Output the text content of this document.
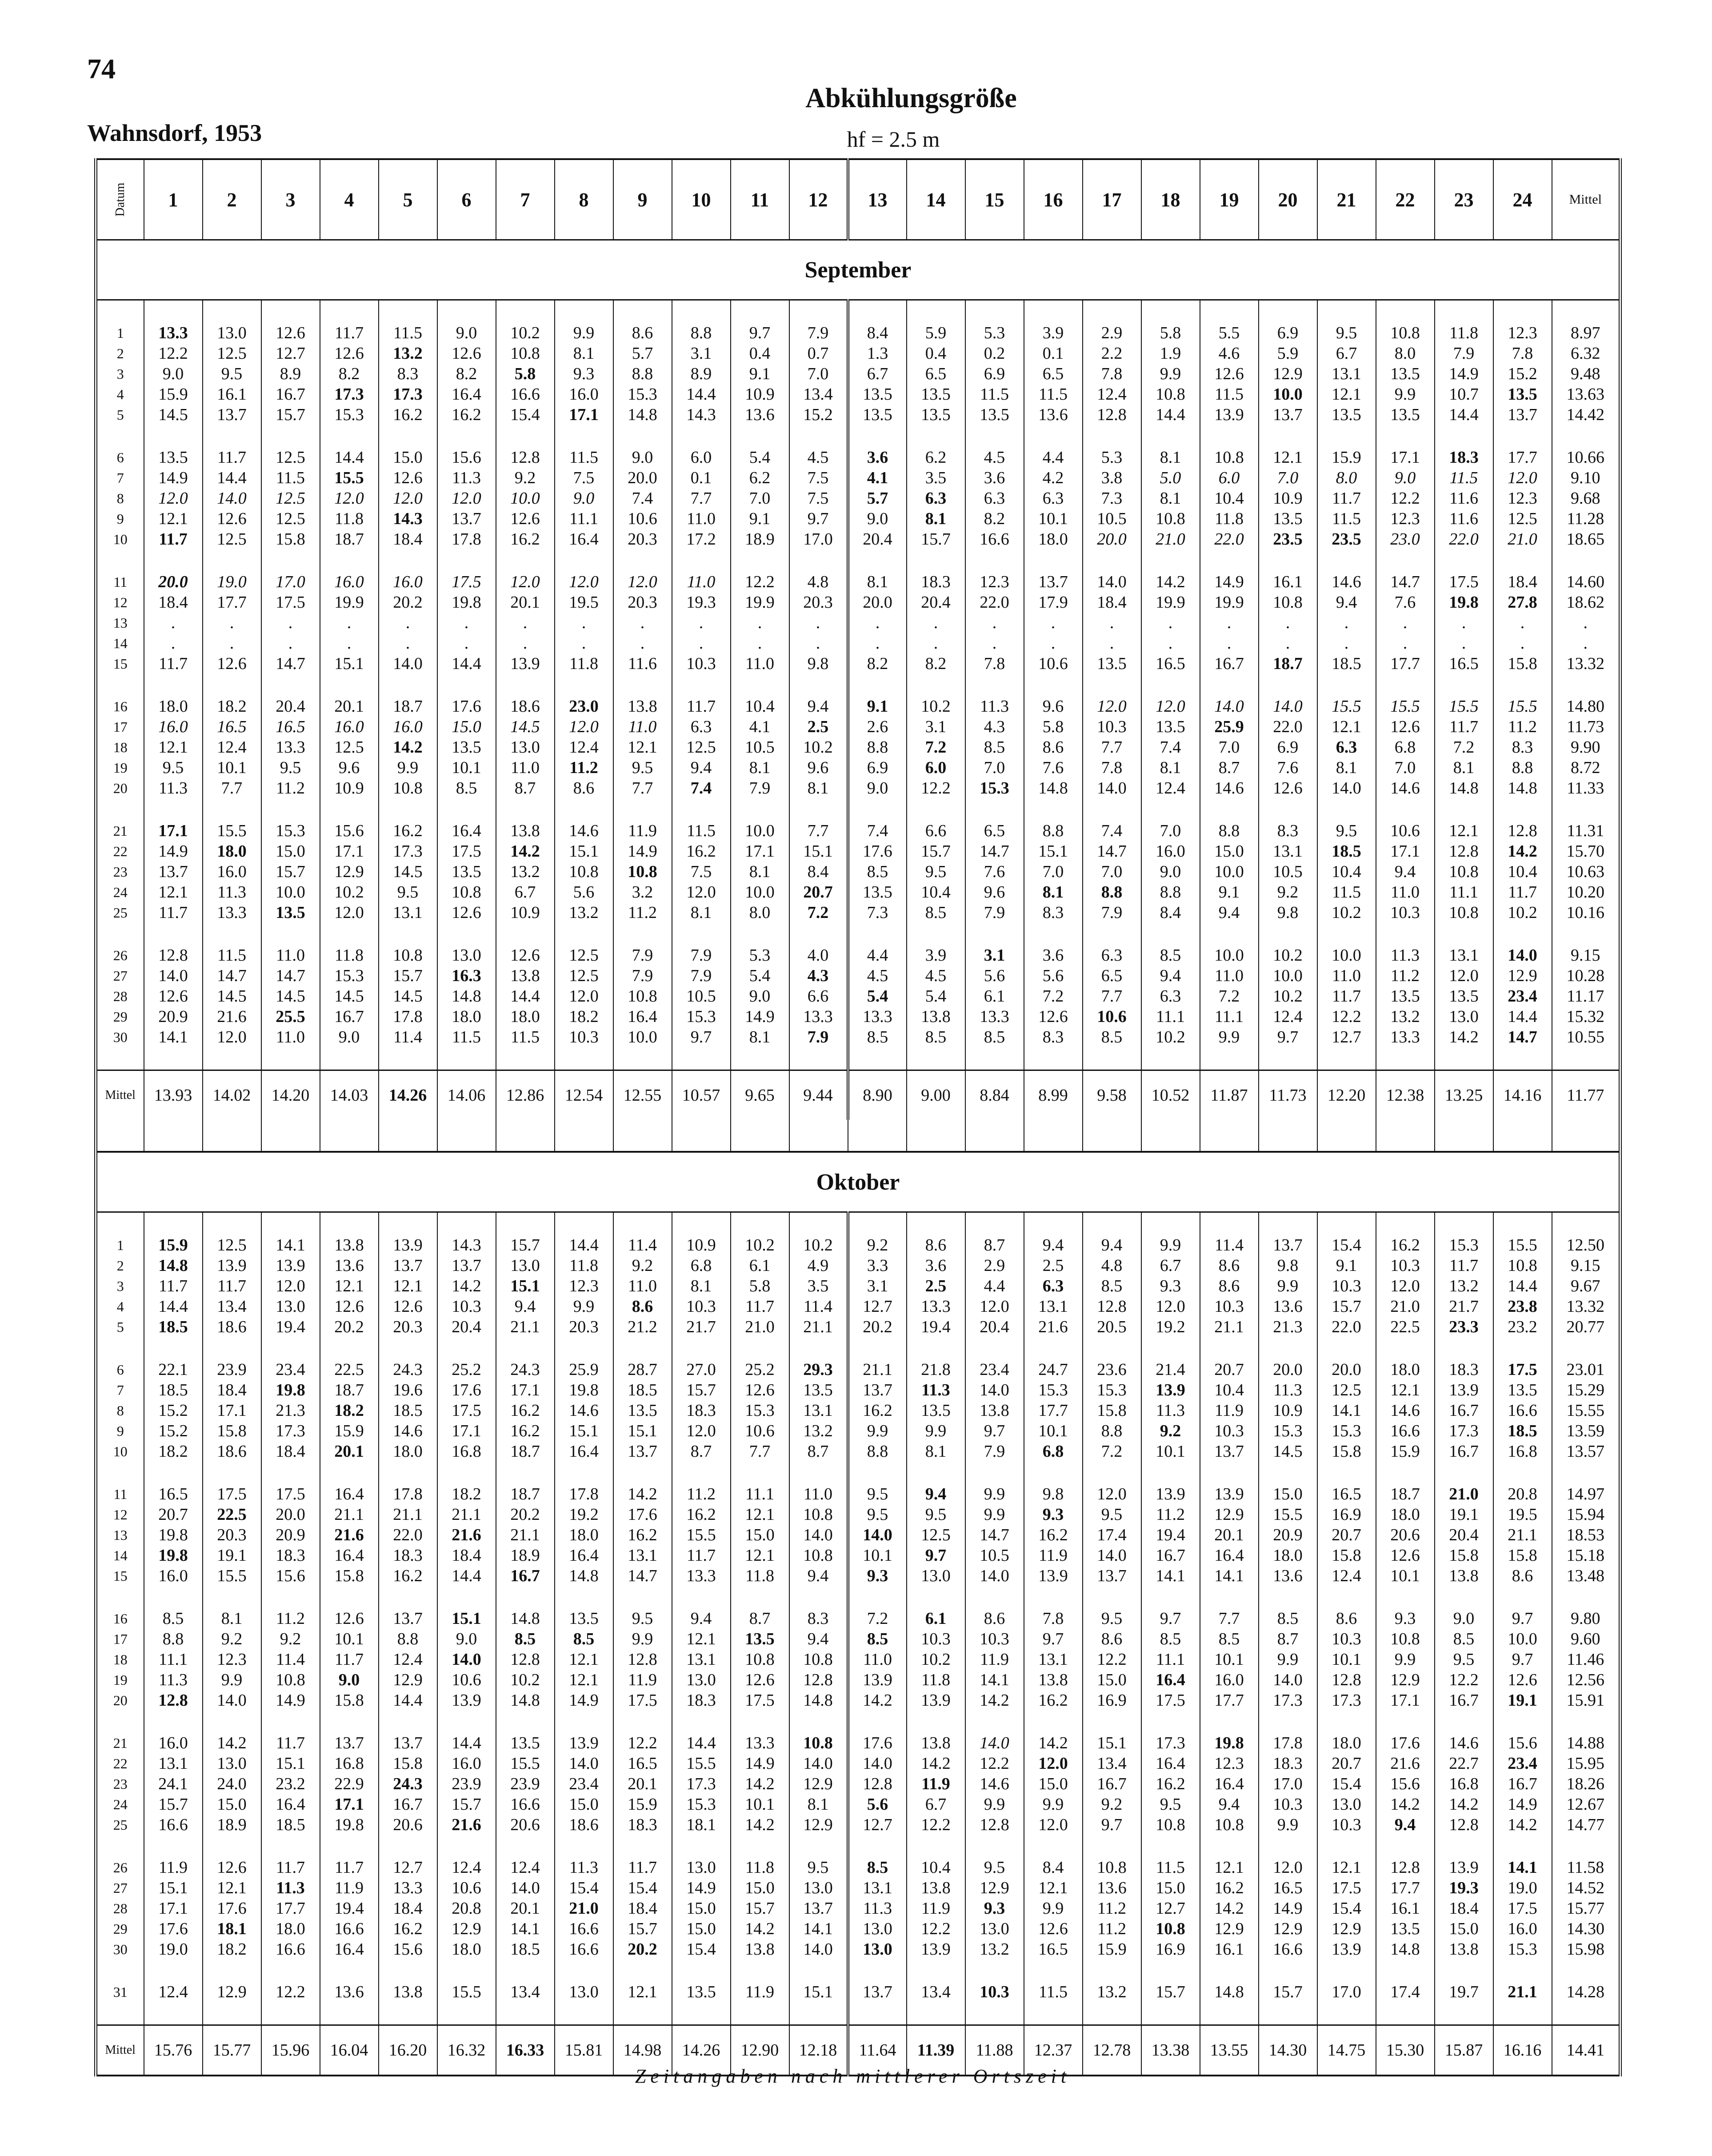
74
Abkühlungsgröße
Wahnsdorf, 1953	hf = 2.5 m
Datum	1	2	3	4	5	6	7	8	9	10	11	12	13	14	15	16	17	18	19	20	21	22	23	24	Mittel
September																									

1	13.3	13.0	12.6	11.7	11.5	9.0	10.2	9.9	8.6	8.8	9.7	7.9	8.4	5.9	5.3	3.9	2.9	5.8	5.5	6.9	9.5	10.8	11.8	12.3	8.97
2	12.2	12.5	12.7	12.6	13.2	12.6	10.8	8.1	5.7	3.1	0.4	0.7	1.3	0.4	0.2	0.1	2.2	1.9	4.6	5.9	6.7	8.0	7.9	7.8	6.32
3	9.0	9.5	8.9	8.2	8.3	8.2	5.8	9.3	8.8	8.9	9.1	7.0	6.7	6.5	6.9	6.5	7.8	9.9	12.6	12.9	13.1	13.5	14.9	15.2	9.48
4	15.9	16.1	16.7	17.3	17.3	16.4	16.6	16.0	15.3	14.4	10.9	13.4	13.5	13.5	11.5	11.5	12.4	10.8	11.5	10.0	12.1	9.9	10.7	13.5	13.63
5	14.5	13.7	15.7	15.3	16.2	16.2	15.4	17.1	14.8	14.3	13.6	15.2	13.5	13.5	13.5	13.6	12.8	14.4	13.9	13.7	13.5	13.5	14.4	13.7	14.42

6	13.5	11.7	12.5	14.4	15.0	15.6	12.8	11.5	9.0	6.0	5.4	4.5	3.6	6.2	4.5	4.4	5.3	8.1	10.8	12.1	15.9	17.1	18.3	17.7	10.66
7	14.9	14.4	11.5	15.5	12.6	11.3	9.2	7.5	20.0	0.1	6.2	7.5	4.1	3.5	3.6	4.2	3.8	5.0	6.0	7.0	8.0	9.0	11.5	12.0	9.10
8	12.0	14.0	12.5	12.0	12.0	12.0	10.0	9.0	7.4	7.7	7.0	7.5	5.7	6.3	6.3	6.3	7.3	8.1	10.4	10.9	11.7	12.2	11.6	12.3	9.68
9	12.1	12.6	12.5	11.8	14.3	13.7	12.6	11.1	10.6	11.0	9.1	9.7	9.0	8.1	8.2	10.1	10.5	10.8	11.8	13.5	11.5	12.3	11.6	12.5	11.28
10	11.7	12.5	15.8	18.7	18.4	17.8	16.2	16.4	20.3	17.2	18.9	17.0	20.4	15.7	16.6	18.0	20.0	21.0	22.0	23.5	23.5	23.0	22.0	21.0	18.65

11	20.0	19.0	17.0	16.0	16.0	17.5	12.0	12.0	12.0	11.0	12.2	4.8	8.1	18.3	12.3	13.7	14.0	14.2	14.9	16.1	14.6	14.7	17.5	18.4	14.60
12	18.4	17.7	17.5	19.9	20.2	19.8	20.1	19.5	20.3	19.3	19.9	20.3	20.0	20.4	22.0	17.9	18.4	19.9	19.9	10.8	9.4	7.6	19.8	27.8	18.62
13	.	.	.	.	.	.	.	.	.	.	.	.	.	.	.	.	.	.	.	.	.	.	.	.	.
14	.	.	.	.	.	.	.	.	.	.	.	.	.	.	.	.	.	.	.	.	.	.	.	.	.
15	11.7	12.6	14.7	15.1	14.0	14.4	13.9	11.8	11.6	10.3	11.0	9.8	8.2	8.2	7.8	10.6	13.5	16.5	16.7	18.7	18.5	17.7	16.5	15.8	13.32

16	18.0	18.2	20.4	20.1	18.7	17.6	18.6	23.0	13.8	11.7	10.4	9.4	9.1	10.2	11.3	9.6	12.0	12.0	14.0	14.0	15.5	15.5	15.5	15.5	14.80
17	16.0	16.5	16.5	16.0	16.0	15.0	14.5	12.0	11.0	6.3	4.1	2.5	2.6	3.1	4.3	5.8	10.3	13.5	25.9	22.0	12.1	12.6	11.7	11.2	11.73
18	12.1	12.4	13.3	12.5	14.2	13.5	13.0	12.4	12.1	12.5	10.5	10.2	8.8	7.2	8.5	8.6	7.7	7.4	7.0	6.9	6.3	6.8	7.2	8.3	9.90
19	9.5	10.1	9.5	9.6	9.9	10.1	11.0	11.2	9.5	9.4	8.1	9.6	6.9	6.0	7.0	7.6	7.8	8.1	8.7	7.6	8.1	7.0	8.1	8.8	8.72
20	11.3	7.7	11.2	10.9	10.8	8.5	8.7	8.6	7.7	7.4	7.9	8.1	9.0	12.2	15.3	14.8	14.0	12.4	14.6	12.6	14.0	14.6	14.8	14.8	11.33

21	17.1	15.5	15.3	15.6	16.2	16.4	13.8	14.6	11.9	11.5	10.0	7.7	7.4	6.6	6.5	8.8	7.4	7.0	8.8	8.3	9.5	10.6	12.1	12.8	11.31
22	14.9	18.0	15.0	17.1	17.3	17.5	14.2	15.1	14.9	16.2	17.1	15.1	17.6	15.7	14.7	15.1	14.7	16.0	15.0	13.1	18.5	17.1	12.8	14.2	15.70
23	13.7	16.0	15.7	12.9	14.5	13.5	13.2	10.8	10.8	7.5	8.1	8.4	8.5	9.5	7.6	7.0	7.0	9.0	10.0	10.5	10.4	9.4	10.8	10.4	10.63
24	12.1	11.3	10.0	10.2	9.5	10.8	6.7	5.6	3.2	12.0	10.0	20.7	13.5	10.4	9.6	8.1	8.8	8.8	9.1	9.2	11.5	11.0	11.1	11.7	10.20
25	11.7	13.3	13.5	12.0	13.1	12.6	10.9	13.2	11.2	8.1	8.0	7.2	7.3	8.5	7.9	8.3	7.9	8.4	9.4	9.8	10.2	10.3	10.8	10.2	10.16

26	12.8	11.5	11.0	11.8	10.8	13.0	12.6	12.5	7.9	7.9	5.3	4.0	4.4	3.9	3.1	3.6	6.3	8.5	10.0	10.2	10.0	11.3	13.1	14.0	9.15
27	14.0	14.7	14.7	15.3	15.7	16.3	13.8	12.5	7.9	7.9	5.4	4.3	4.5	4.5	5.6	5.6	6.5	9.4	11.0	10.0	11.0	11.2	12.0	12.9	10.28
28	12.6	14.5	14.5	14.5	14.5	14.8	14.4	12.0	10.8	10.5	9.0	6.6	5.4	5.4	6.1	7.2	7.7	6.3	7.2	10.2	11.7	13.5	13.5	23.4	11.17
29	20.9	21.6	25.5	16.7	17.8	18.0	18.0	18.2	16.4	15.3	14.9	13.3	13.3	13.8	13.3	12.6	10.6	11.1	11.1	12.4	12.2	13.2	13.0	14.4	15.32
30	14.1	12.0	11.0	9.0	11.4	11.5	11.5	10.3	10.0	9.7	8.1	7.9	8.5	8.5	8.5	8.3	8.5	10.2	9.9	9.7	12.7	13.3	14.2	14.7	10.55

Mittel	13.93	14.02	14.20	14.03	14.26	14.06	12.86	12.54	12.55	10.57	9.65	9.44	8.90	9.00	8.84	8.99	9.58	10.52	11.87	11.73	12.20	12.38	13.25	14.16	11.77

Oktober																									

1	15.9	12.5	14.1	13.8	13.9	14.3	15.7	14.4	11.4	10.9	10.2	10.2	9.2	8.6	8.7	9.4	9.4	9.9	11.4	13.7	15.4	16.2	15.3	15.5	12.50
2	14.8	13.9	13.9	13.6	13.7	13.7	13.0	11.8	9.2	6.8	6.1	4.9	3.3	3.6	2.9	2.5	4.8	6.7	8.6	9.8	9.1	10.3	11.7	10.8	9.15
3	11.7	11.7	12.0	12.1	12.1	14.2	15.1	12.3	11.0	8.1	5.8	3.5	3.1	2.5	4.4	6.3	8.5	9.3	8.6	9.9	10.3	12.0	13.2	14.4	9.67
4	14.4	13.4	13.0	12.6	12.6	10.3	9.4	9.9	8.6	10.3	11.7	11.4	12.7	13.3	12.0	13.1	12.8	12.0	10.3	13.6	15.7	21.0	21.7	23.8	13.32
5	18.5	18.6	19.4	20.2	20.3	20.4	21.1	20.3	21.2	21.7	21.0	21.1	20.2	19.4	20.4	21.6	20.5	19.2	21.1	21.3	22.0	22.5	23.3	23.2	20.77

6	22.1	23.9	23.4	22.5	24.3	25.2	24.3	25.9	28.7	27.0	25.2	29.3	21.1	21.8	23.4	24.7	23.6	21.4	20.7	20.0	20.0	18.0	18.3	17.5	23.01
7	18.5	18.4	19.8	18.7	19.6	17.6	17.1	19.8	18.5	15.7	12.6	13.5	13.7	11.3	14.0	15.3	15.3	13.9	10.4	11.3	12.5	12.1	13.9	13.5	15.29
8	15.2	17.1	21.3	18.2	18.5	17.5	16.2	14.6	13.5	18.3	15.3	13.1	16.2	13.5	13.8	17.7	15.8	11.3	11.9	10.9	14.1	14.6	16.7	16.6	15.55
9	15.2	15.8	17.3	15.9	14.6	17.1	16.2	15.1	15.1	12.0	10.6	13.2	9.9	9.9	9.7	10.1	8.8	9.2	10.3	15.3	15.3	16.6	17.3	18.5	13.59
10	18.2	18.6	18.4	20.1	18.0	16.8	18.7	16.4	13.7	8.7	7.7	8.7	8.8	8.1	7.9	6.8	7.2	10.1	13.7	14.5	15.8	15.9	16.7	16.8	13.57

11	16.5	17.5	17.5	16.4	17.8	18.2	18.7	17.8	14.2	11.2	11.1	11.0	9.5	9.4	9.9	9.8	12.0	13.9	13.9	15.0	16.5	18.7	21.0	20.8	14.97
12	20.7	22.5	20.0	21.1	21.1	21.1	20.2	19.2	17.6	16.2	12.1	10.8	9.5	9.5	9.9	9.3	9.5	11.2	12.9	15.5	16.9	18.0	19.1	19.5	15.94
13	19.8	20.3	20.9	21.6	22.0	21.6	21.1	18.0	16.2	15.5	15.0	14.0	14.0	12.5	14.7	16.2	17.4	19.4	20.1	20.9	20.7	20.6	20.4	21.1	18.53
14	19.8	19.1	18.3	16.4	18.3	18.4	18.9	16.4	13.1	11.7	12.1	10.8	10.1	9.7	10.5	11.9	14.0	16.7	16.4	18.0	15.8	12.6	15.8	15.8	15.18
15	16.0	15.5	15.6	15.8	16.2	14.4	16.7	14.8	14.7	13.3	11.8	9.4	9.3	13.0	14.0	13.9	13.7	14.1	14.1	13.6	12.4	10.1	13.8	8.6	13.48

16	8.5	8.1	11.2	12.6	13.7	15.1	14.8	13.5	9.5	9.4	8.7	8.3	7.2	6.1	8.6	7.8	9.5	9.7	7.7	8.5	8.6	9.3	9.0	9.7	9.80
17	8.8	9.2	9.2	10.1	8.8	9.0	8.5	8.5	9.9	12.1	13.5	9.4	8.5	10.3	10.3	9.7	8.6	8.5	8.5	8.7	10.3	10.8	8.5	10.0	9.60
18	11.1	12.3	11.4	11.7	12.4	14.0	12.8	12.1	12.8	13.1	10.8	10.8	11.0	10.2	11.9	13.1	12.2	11.1	10.1	9.9	10.1	9.9	9.5	9.7	11.46
19	11.3	9.9	10.8	9.0	12.9	10.6	10.2	12.1	11.9	13.0	12.6	12.8	13.9	11.8	14.1	13.8	15.0	16.4	16.0	14.0	12.8	12.9	12.2	12.6	12.56
20	12.8	14.0	14.9	15.8	14.4	13.9	14.8	14.9	17.5	18.3	17.5	14.8	14.2	13.9	14.2	16.2	16.9	17.5	17.7	17.3	17.3	17.1	16.7	19.1	15.91

21	16.0	14.2	11.7	13.7	13.7	14.4	13.5	13.9	12.2	14.4	13.3	10.8	17.6	13.8	14.0	14.2	15.1	17.3	19.8	17.8	18.0	17.6	14.6	15.6	14.88
22	13.1	13.0	15.1	16.8	15.8	16.0	15.5	14.0	16.5	15.5	14.9	14.0	14.0	14.2	12.2	12.0	13.4	16.4	12.3	18.3	20.7	21.6	22.7	23.4	15.95
23	24.1	24.0	23.2	22.9	24.3	23.9	23.9	23.4	20.1	17.3	14.2	12.9	12.8	11.9	14.6	15.0	16.7	16.2	16.4	17.0	15.4	15.6	16.8	16.7	18.26
24	15.7	15.0	16.4	17.1	16.7	15.7	16.6	15.0	15.9	15.3	10.1	8.1	5.6	6.7	9.9	9.9	9.2	9.5	9.4	10.3	13.0	14.2	14.2	14.9	12.67
25	16.6	18.9	18.5	19.8	20.6	21.6	20.6	18.6	18.3	18.1	14.2	12.9	12.7	12.2	12.8	12.0	9.7	10.8	10.8	9.9	10.3	9.4	12.8	14.2	14.77

26	11.9	12.6	11.7	11.7	12.7	12.4	12.4	11.3	11.7	13.0	11.8	9.5	8.5	10.4	9.5	8.4	10.8	11.5	12.1	12.0	12.1	12.8	13.9	14.1	11.58
27	15.1	12.1	11.3	11.9	13.3	10.6	14.0	15.4	15.4	14.9	15.0	13.0	13.1	13.8	12.9	12.1	13.6	15.0	16.2	16.5	17.5	17.7	19.3	19.0	14.52
28	17.1	17.6	17.7	19.4	18.4	20.8	20.1	21.0	18.4	15.0	15.7	13.7	11.3	11.9	9.3	9.9	11.2	12.7	14.2	14.9	15.4	16.1	18.4	17.5	15.77
29	17.6	18.1	18.0	16.6	16.2	12.9	14.1	16.6	15.7	15.0	14.2	14.1	13.0	12.2	13.0	12.6	11.2	10.8	12.9	12.9	12.9	13.5	15.0	16.0	14.30
30	19.0	18.2	16.6	16.4	15.6	18.0	18.5	16.6	20.2	15.4	13.8	14.0	13.0	13.9	13.2	16.5	15.9	16.9	16.1	16.6	13.9	14.8	13.8	15.3	15.98

31	12.4	12.9	12.2	13.6	13.8	15.5	13.4	13.0	12.1	13.5	11.9	15.1	13.7	13.4	10.3	11.5	13.2	15.7	14.8	15.7	17.0	17.4	19.7	21.1	14.28

Mittel	15.76	15.77	15.96	16.04	16.20	16.32	16.33	15.81	14.98	14.26	12.90	12.18	11.64	11.39	11.88	12.37	12.78	13.38	13.55	14.30	14.75	15.30	15.87	16.16	14.41
Zeitangaben nach mittlerer Ortszeit
